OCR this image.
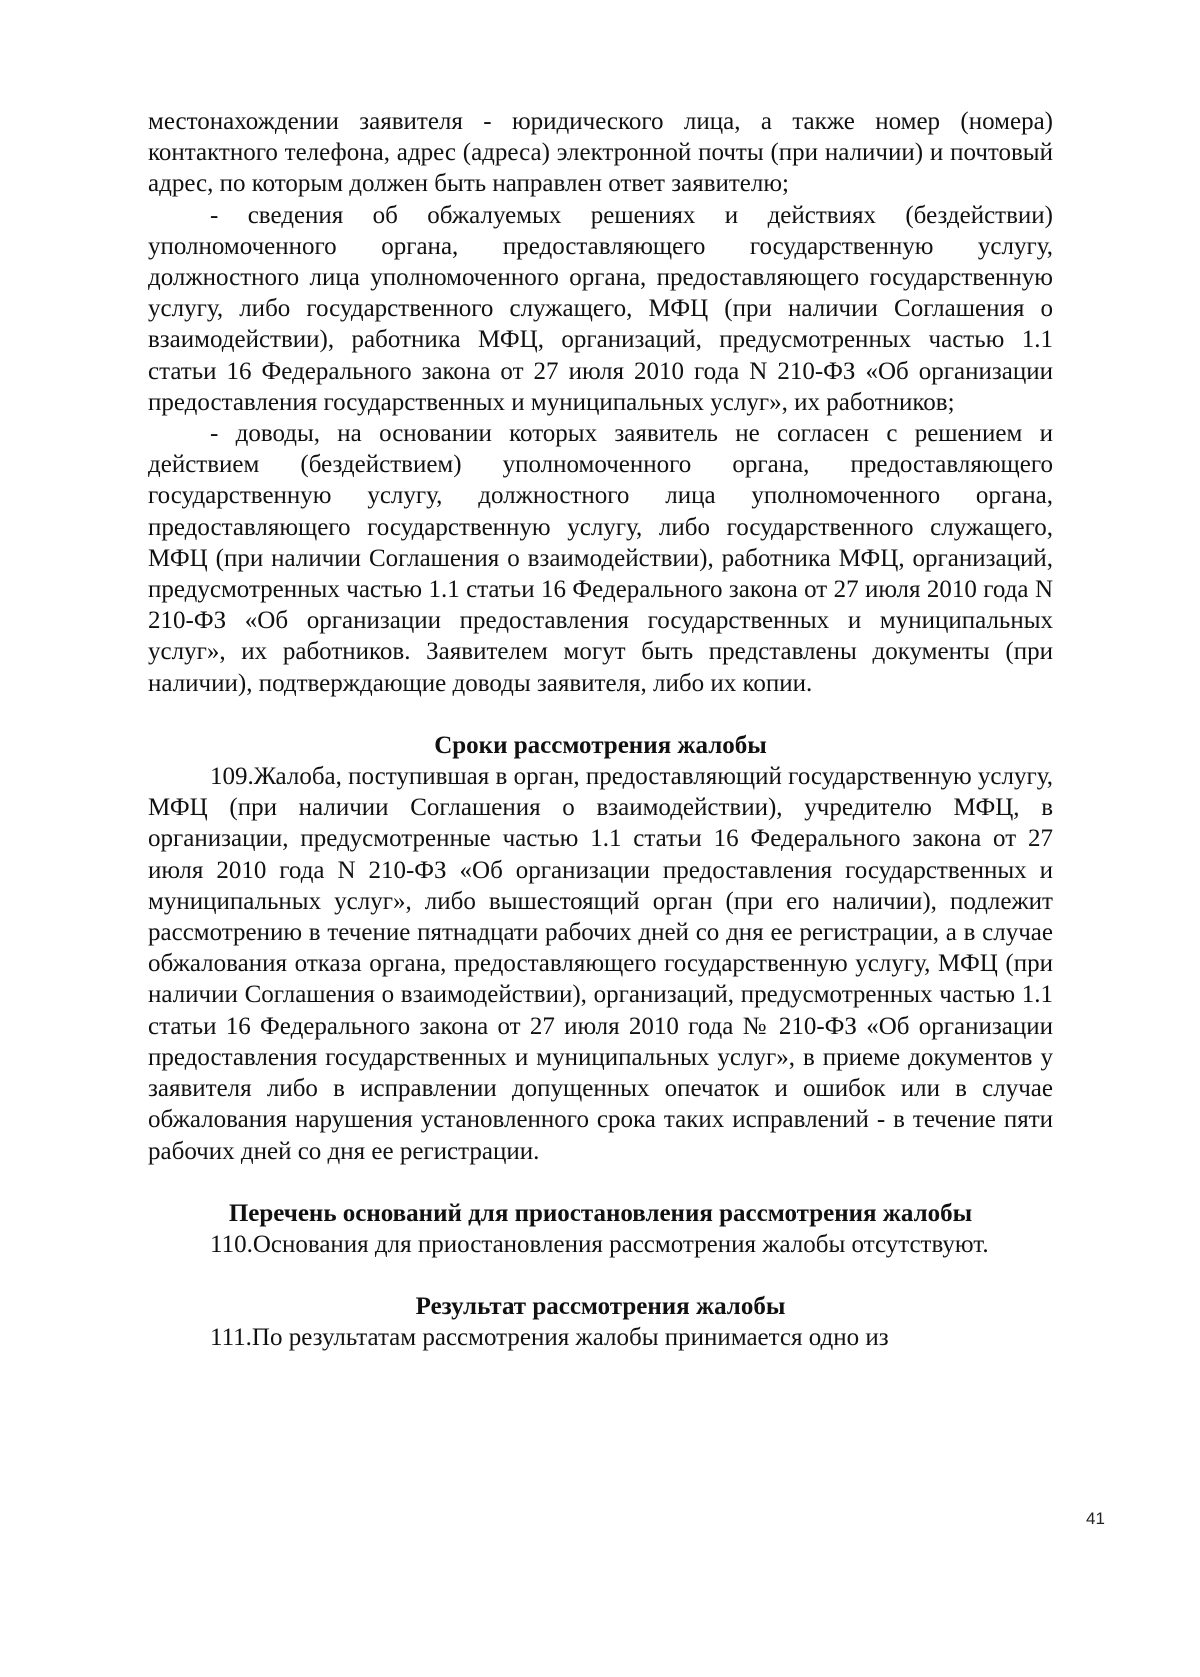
местонахождении заявителя - юридического лица, а также номер (номера) контактного телефона, адрес (адреса) электронной почты (при наличии) и почтовый адрес, по которым должен быть направлен ответ заявителю;

- сведения об обжалуемых решениях и действиях (бездействии) уполномоченного органа, предоставляющего государственную услугу, должностного лица уполномоченного органа, предоставляющего государственную услугу, либо государственного служащего, МФЦ (при наличии Соглашения о взаимодействии), работника МФЦ, организаций, предусмотренных частью 1.1 статьи 16 Федерального закона от 27 июля 2010 года N 210-ФЗ «Об организации предоставления государственных и муниципальных услуг», их работников;

- доводы, на основании которых заявитель не согласен с решением и действием (бездействием) уполномоченного органа, предоставляющего государственную услугу, должностного лица уполномоченного органа, предоставляющего государственную услугу, либо государственного служащего, МФЦ (при наличии Соглашения о взаимодействии), работника МФЦ, организаций, предусмотренных частью 1.1 статьи 16 Федерального закона от 27 июля 2010 года N 210-ФЗ «Об организации предоставления государственных и муниципальных услуг», их работников. Заявителем могут быть представлены документы (при наличии), подтверждающие доводы заявителя, либо их копии.

Сроки рассмотрения жалобы

109.Жалоба, поступившая в орган, предоставляющий государственную услугу, МФЦ (при наличии Соглашения о взаимодействии), учредителю МФЦ, в организации, предусмотренные частью 1.1 статьи 16 Федерального закона от 27 июля 2010 года N 210-ФЗ «Об организации предоставления государственных и муниципальных услуг», либо вышестоящий орган (при его наличии), подлежит рассмотрению в течение пятнадцати рабочих дней со дня ее регистрации, а в случае обжалования отказа органа, предоставляющего государственную услугу, МФЦ (при наличии Соглашения о взаимодействии), организаций, предусмотренных частью 1.1 статьи 16 Федерального закона от 27 июля 2010 года № 210-ФЗ «Об организации предоставления государственных и муниципальных услуг», в приеме документов у заявителя либо в исправлении допущенных опечаток и ошибок или в случае обжалования нарушения установленного срока таких исправлений - в течение пяти рабочих дней со дня ее регистрации.

Перечень оснований для приостановления рассмотрения жалобы

110.Основания для приостановления рассмотрения жалобы отсутствуют.

Результат рассмотрения жалобы

111.По результатам рассмотрения жалобы принимается одно из

41
